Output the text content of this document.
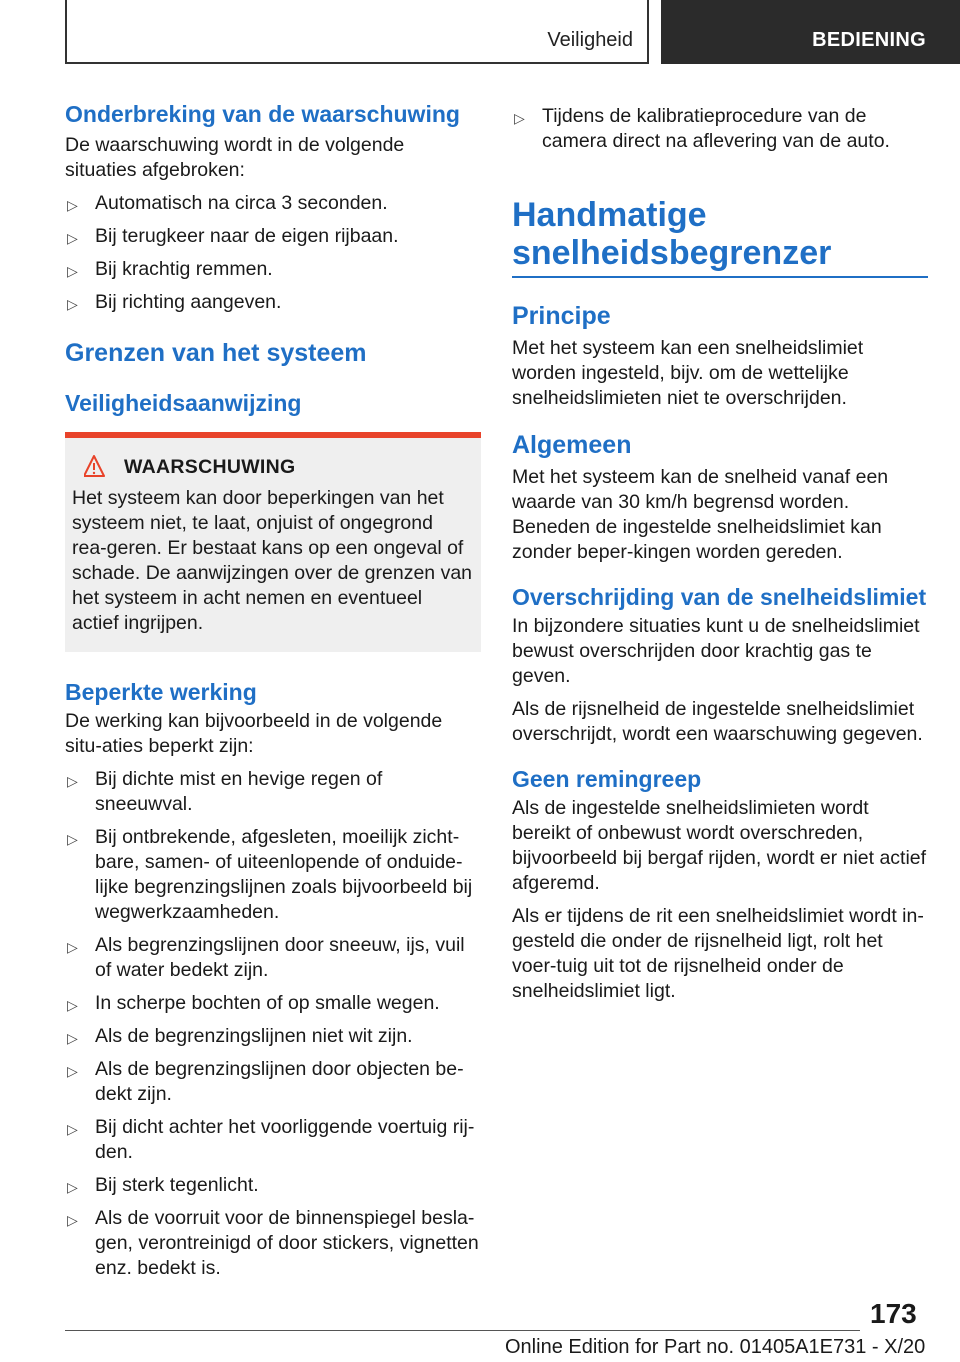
Veiligheid	BEDIENING
Onderbreking van de waarschuwing

De waarschuwing wordt in de volgende situaties afgebroken:

▷ Automatisch na circa 3 seconden.
▷ Bij terugkeer naar de eigen rijbaan.
▷ Bij krachtig remmen.
▷ Bij richting aangeven.
Grenzen van het systeem
Veiligheidsaanwijzing
WAARSCHUWING

Het systeem kan door beperkingen van het systeem niet, te laat, onjuist of ongegrond rea-geren. Er bestaat kans op een ongeval of schade. De aanwijzingen over de grenzen van het systeem in acht nemen en eventueel actief ingrijpen.

Beperkte werking

De werking kan bijvoorbeeld in de volgende situ-aties beperkt zijn:

▷ Bij dichte mist en hevige regen of sneeuwval.
▷ Bij ontbrekende, afgesleten, moeilijk zicht-bare, samen- of uiteenlopende of onduide-lijke begrenzingslijnen zoals bijvoorbeeld bij wegwerkzaamheden.
▷ Als begrenzingslijnen door sneeuw, ijs, vuil of water bedekt zijn.
▷ In scherpe bochten of op smalle wegen.
▷ Als de begrenzingslijnen niet wit zijn.
▷ Als de begrenzingslijnen door objecten be-dekt zijn.
▷ Bij dicht achter het voorliggende voertuig rij-den.
▷ Bij sterk tegenlicht.
▷ Als de voorruit voor de binnenspiegel besla-gen, verontreinigd of door stickers, vignetten enz. bedekt is.
▷ Tijdens de kalibratieprocedure van de camera direct na aflevering van de auto.
Handmatige snelheidsbegrenzer
Principe

Met het systeem kan een snelheidslimiet worden ingesteld, bijv. om de wettelijke snelheidslimieten niet te overschrijden.

Algemeen

Met het systeem kan de snelheid vanaf een waarde van 30 km/h begrensd worden. Beneden de ingestelde snelheidslimiet kan zonder beper-kingen worden gereden.

Overschrijding van de snelheidslimiet

In bijzondere situaties kunt u de snelheidslimiet bewust overschrijden door krachtig gas te geven.

Als de rijsnelheid de ingestelde snelheidslimiet overschrijdt, wordt een waarschuwing gegeven.

Geen remingreep

Als de ingestelde snelheidslimieten wordt bereikt of onbewust wordt overschreden, bijvoorbeeld bij bergaf rijden, wordt er niet actief afgeremd.

Als er tijdens de rit een snelheidslimiet wordt in-gesteld die onder de rijsnelheid ligt, rolt het voer-tuig uit tot de rijsnelheid onder de snelheidslimiet ligt.

173
Online Edition for Part no. 01405A1E731 - X/20
